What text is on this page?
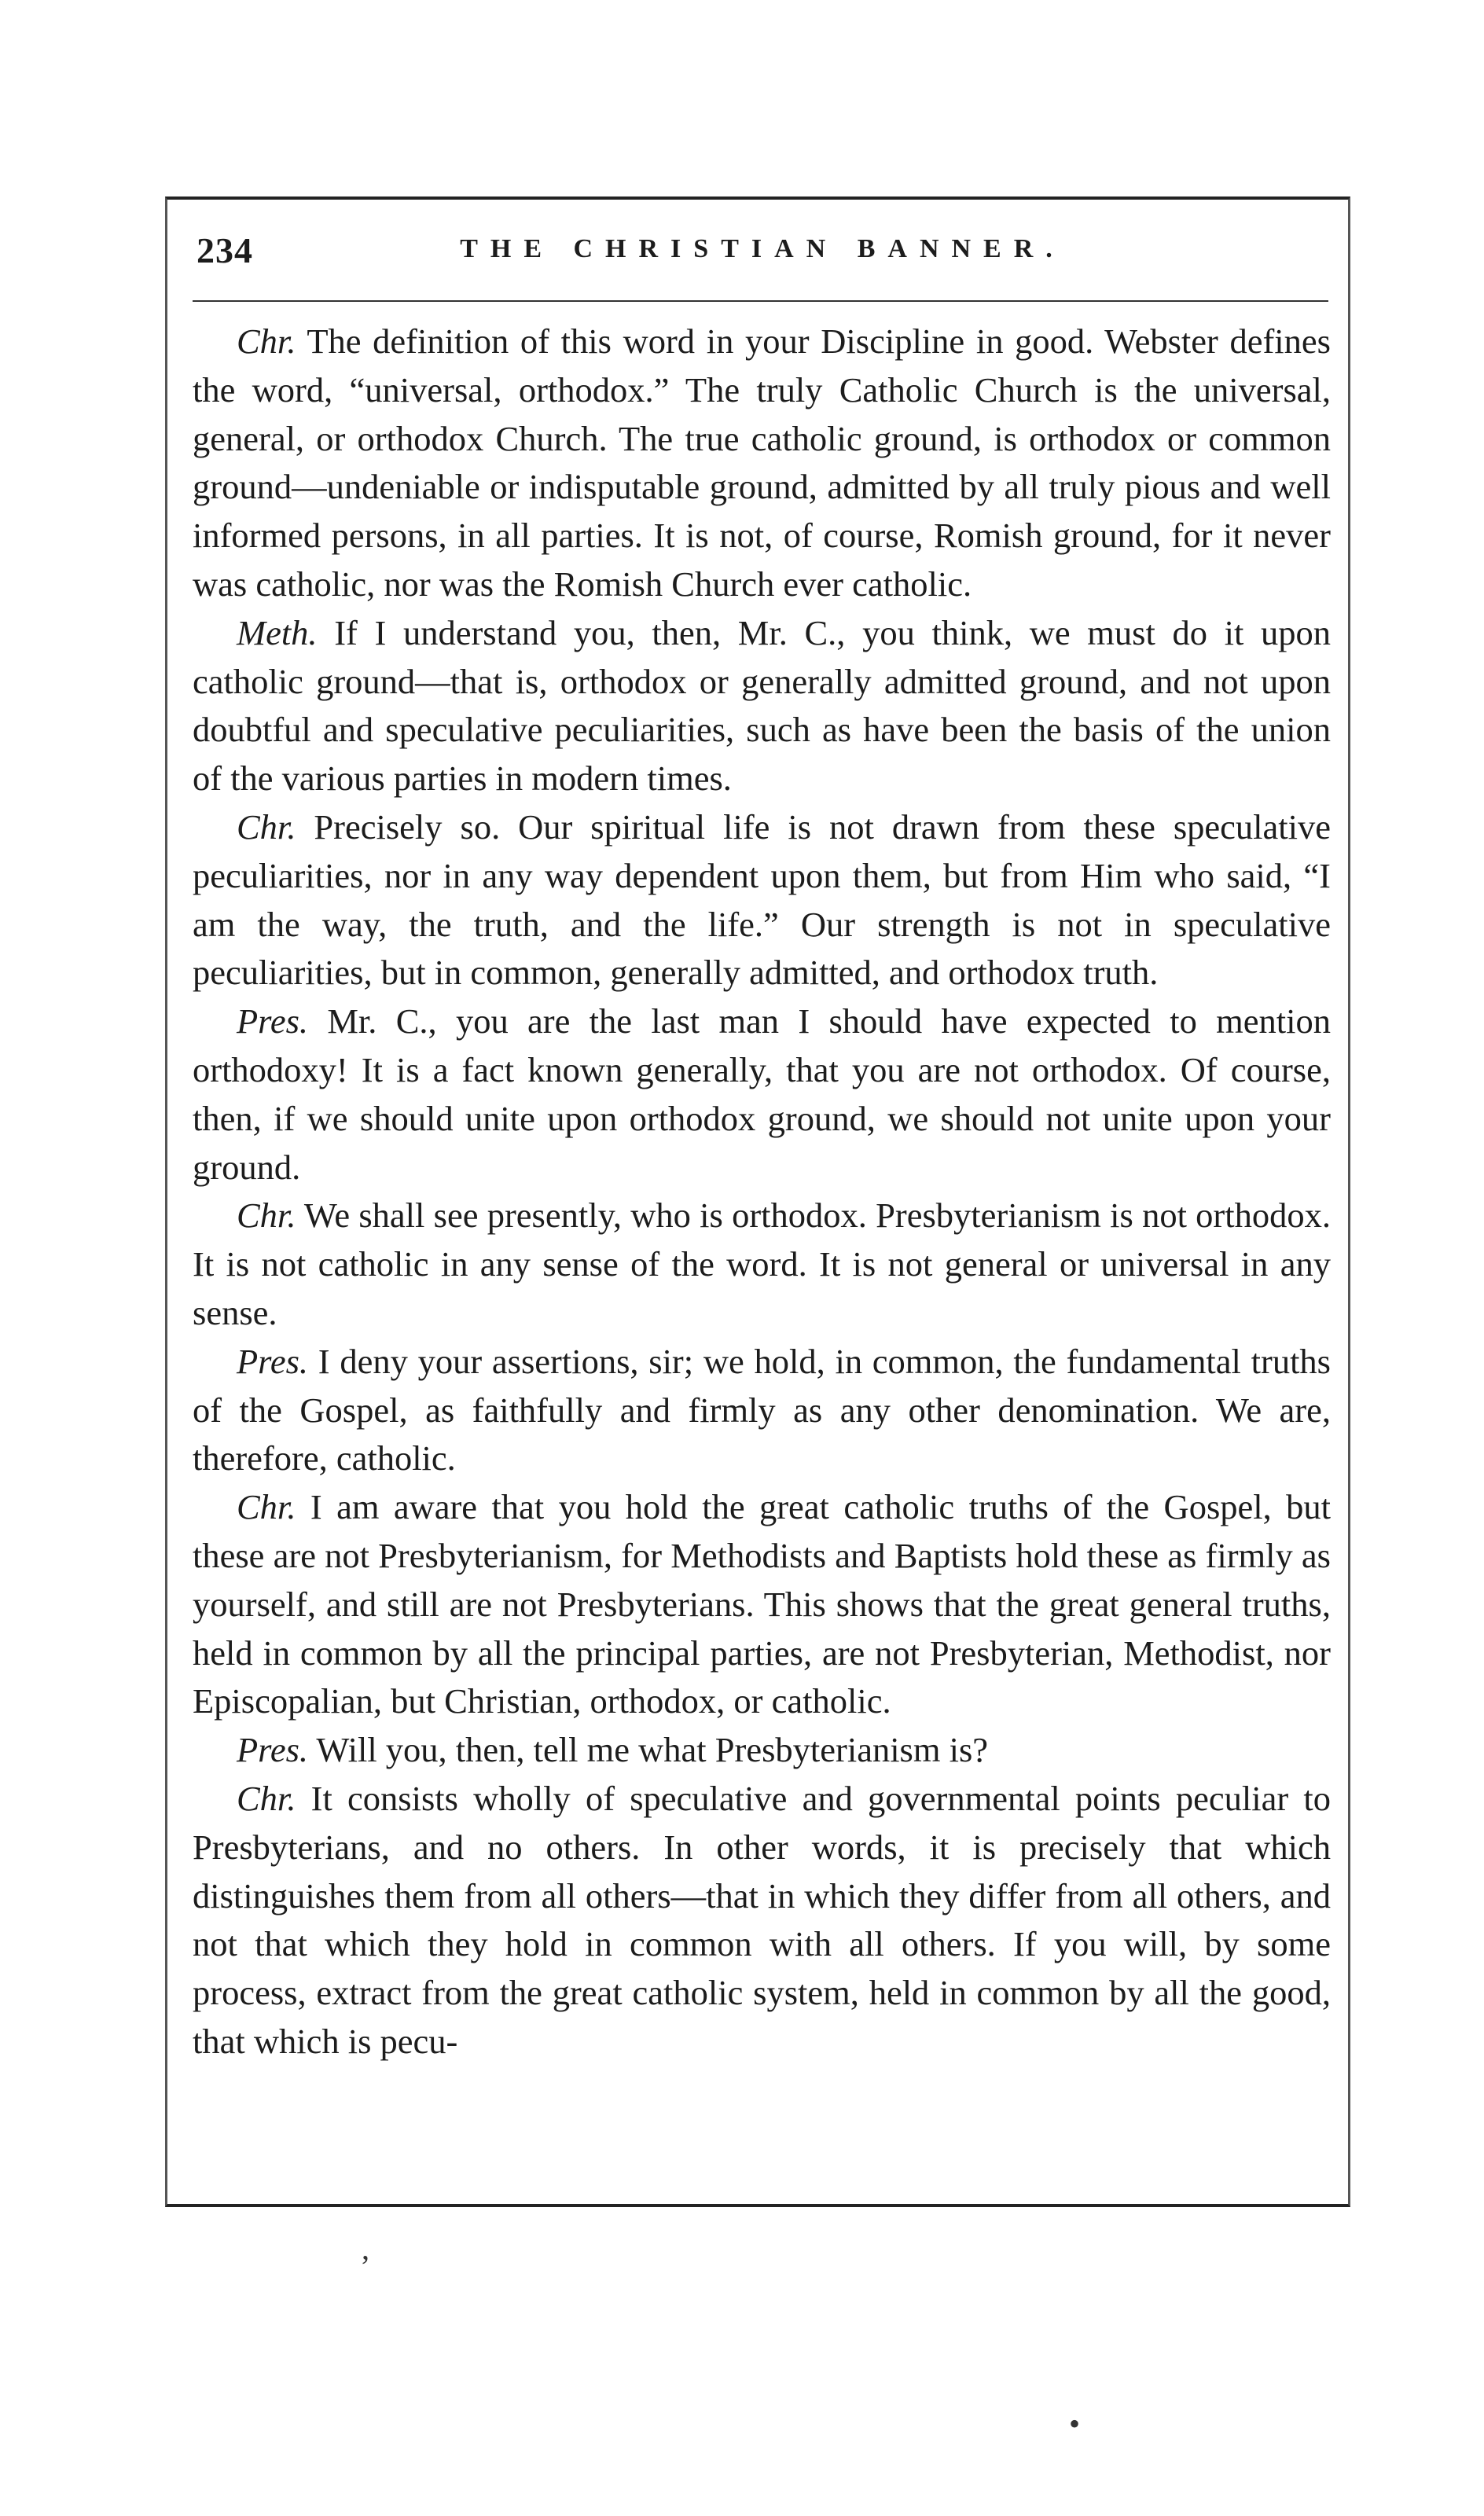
234	THE CHRISTIAN BANNER.

Chr. The definition of this word in your Discipline in good. Webster defines the word, “universal, orthodox.” The truly Catholic Church is the universal, general, or orthodox Church. The true catholic ground, is orthodox or common ground—undeniable or indisputable ground, admitted by all truly pious and well informed persons, in all parties. It is not, of course, Romish ground, for it never was catholic, nor was the Romish Church ever catholic.

Meth. If I understand you, then, Mr. C., you think, we must do it upon catholic ground—that is, orthodox or generally admitted ground, and not upon doubtful and speculative peculiarities, such as have been the basis of the union of the various parties in modern times.

Chr. Precisely so. Our spiritual life is not drawn from these speculative peculiarities, nor in any way dependent upon them, but from Him who said, “I am the way, the truth, and the life.” Our strength is not in speculative peculiarities, but in common, generally admitted, and orthodox truth.

Pres. Mr. C., you are the last man I should have expected to mention orthodoxy! It is a fact known generally, that you are not orthodox. Of course, then, if we should unite upon orthodox ground, we should not unite upon your ground.

Chr. We shall see presently, who is orthodox. Presbyterianism is not orthodox. It is not catholic in any sense of the word. It is not general or universal in any sense.

Pres. I deny your assertions, sir; we hold, in common, the fundamental truths of the Gospel, as faithfully and firmly as any other denomination. We are, therefore, catholic.

Chr. I am aware that you hold the great catholic truths of the Gospel, but these are not Presbyterianism, for Methodists and Baptists hold these as firmly as yourself, and still are not Presbyterians. This shows that the great general truths, held in common by all the principal parties, are not Presbyterian, Methodist, nor Episcopalian, but Christian, orthodox, or catholic.

Pres. Will you, then, tell me what Presbyterianism is?

Chr. It consists wholly of speculative and governmental points peculiar to Presbyterians, and no others. In other words, it is precisely that which distinguishes them from all others—that in which they differ from all others, and not that which they hold in common with all others. If you will, by some process, extract from the great catholic system, held in common by all the good, that which is pecu-

ʼ
•
